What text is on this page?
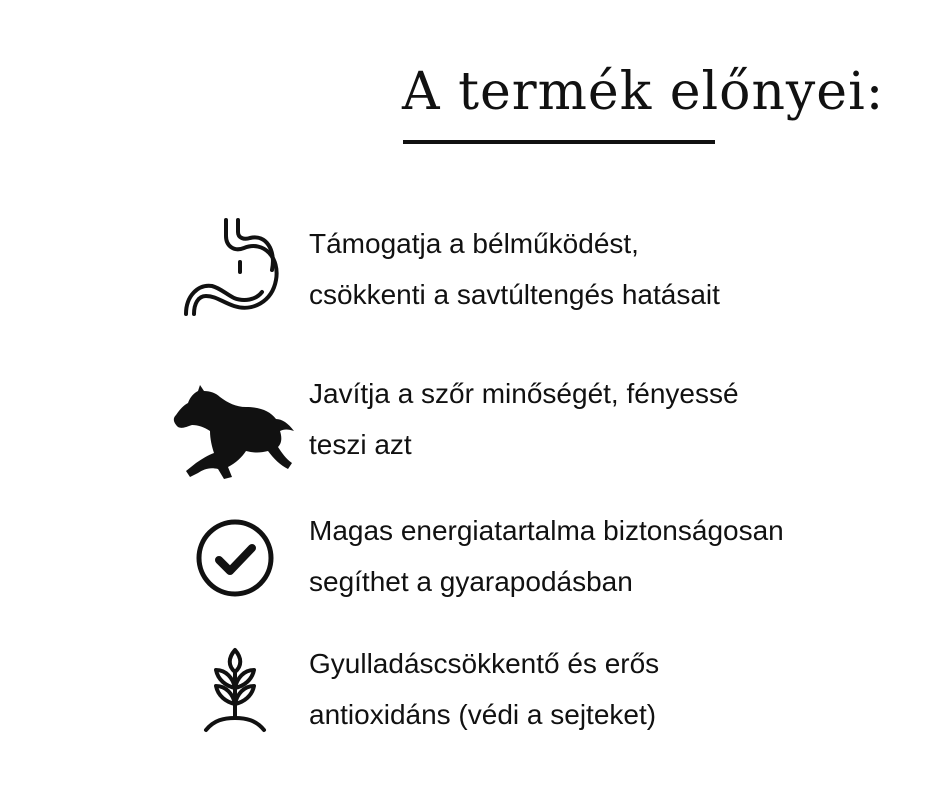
A termék előnyei:
Támogatja a bélműködést,
csökkenti a savtúltengés hatásait
Javítja a szőr minőségét, fényessé
teszi azt
Magas energiatartalma biztonságosan
segíthet a gyarapodásban
Gyulladáscsökkentő és erős
antioxidáns (védi a sejteket)
